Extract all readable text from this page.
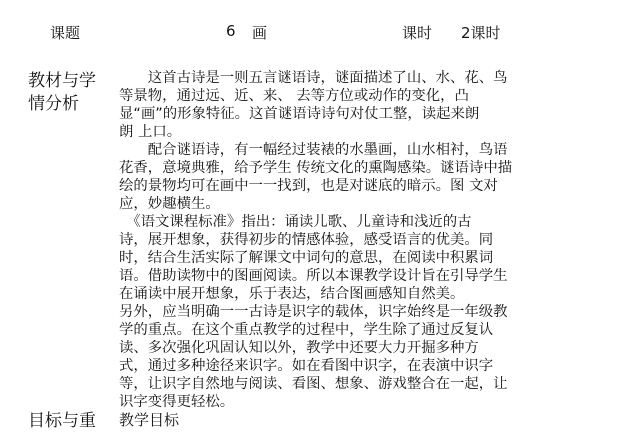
课题	6 画	课时 2课时
教材与学
情分析
　　这首古诗是一则五言谜语诗，谜面描述了山、水、花、鸟
等景物，通过远、近、来、 去等方位或动作的变化，凸
显“画”的形象特征。这首谜语诗诗句对仗工整，读起来朗
朗 上口。
　　配合谜语诗，有一幅经过装裱的水墨画，山水相衬，鸟语
花香，意境典雅，给予学生 传统文化的熏陶感染。谜语诗中描
绘的景物均可在画中一一找到，也是对谜底的暗示。图 文对
应，妙趣横生。
　《语文课程标准》指出：诵读儿歌、儿童诗和浅近的古
诗，展开想象，获得初步的情感体验，感受语言的优美。同
时，结合生活实际了解课文中词句的意思，在阅读中积累词
语。借助读物中的图画阅读。所以本课教学设计旨在引导学生
在诵读中展开想象，乐于表达，结合图画感知自然美。
另外，应当明确一一古诗是识字的载体，识字始终是一年级教
学的重点。在这个重点教学的过程中，学生除了通过反复认
读、多次强化巩固认知以外，教学中还要大力开掘多种方
式，通过多种途径来识字。如在看图中识字，在表演中识字
等，让识字自然地与阅读、看图、想象、游戏整合在一起，让
识字变得更轻松。
目标与重 教学目标
